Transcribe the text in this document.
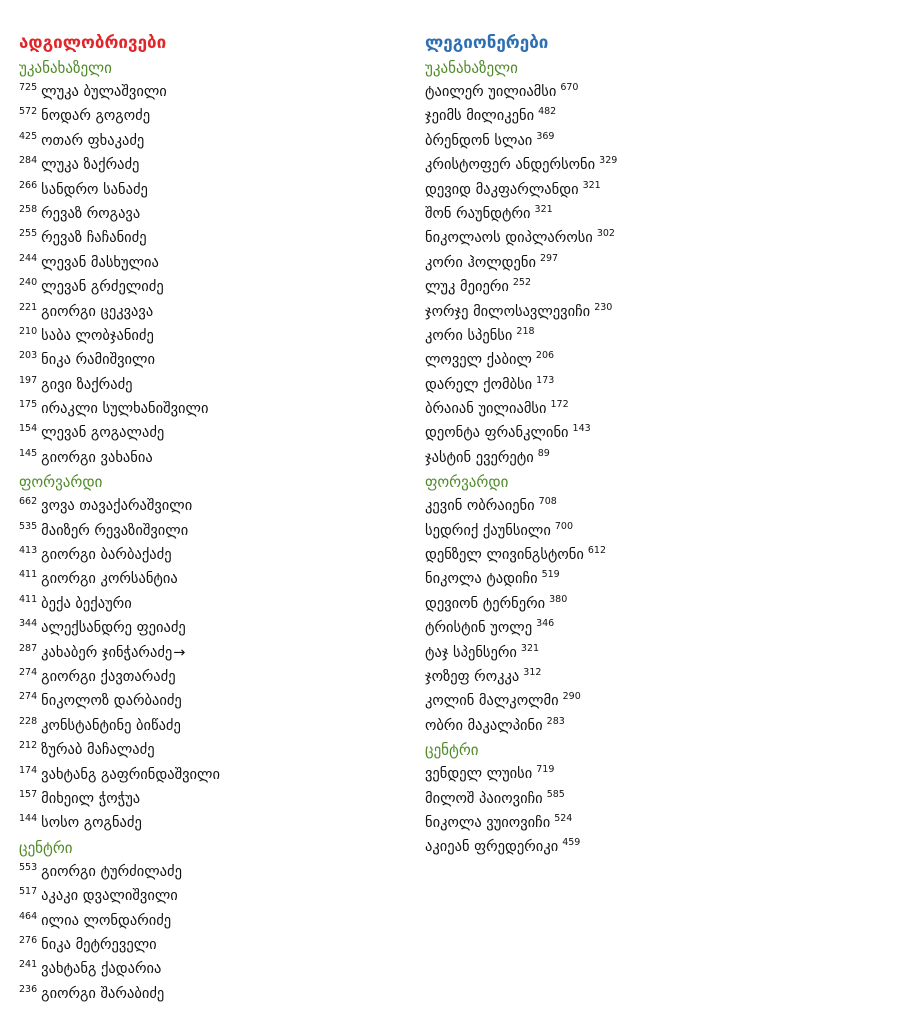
ადგილობრივები
უკანახაზელი
$^{725}$ ლუკა ბულაშვილი
$^{572}$ ნოდარ გოგოძე
$^{425}$ ოთარ ფხაკაძე
$^{284}$ ლუკა ზაქრაძე
$^{266}$ სანდრო სანაძე
$^{258}$ რევაზ როგავა
$^{255}$ რევაზ ჩაჩანიძე
$^{244}$ ლევან მასხულია
$^{240}$ ლევან გრძელიძე
$^{221}$ გიორგი ცეკვავა
$^{210}$ საბა ლობჯანიძე
$^{203}$ ნიკა რამიშვილი
$^{197}$ გივი ზაქრაძე
$^{175}$ ირაკლი სულხანიშვილი
$^{154}$ ლევან გოგალაძე
$^{145}$ გიორგი ვახანია
ფორვარდი
$^{662}$ ვოვა თავაქარაშვილი
$^{535}$ მაიზერ რევაზიშვილი
$^{413}$ გიორგი ბარბაქაძე
$^{411}$ გიორგი კორსანტია
$^{411}$ ბექა ბექაური
$^{344}$ ალექსანდრე ფეიაძე
$^{287}$ კახაბერ ჯინჭარაძე→
$^{274}$ გიორგი ქავთარაძე
$^{274}$ ნიკოლოზ დარბაიძე
$^{228}$ კონსტანტინე ბიწაძე
$^{212}$ ზურაბ მაჩალაძე
$^{174}$ ვახტანგ გაფრინდაშვილი
$^{157}$ მიხეილ ჭოჭუა
$^{144}$ სოსო გოგნაძე
ცენტრი
$^{553}$ გიორგი ტურძილაძე
$^{517}$ აკაკი დვალიშვილი
$^{464}$ ილია ლონდარიძე
$^{276}$ ნიკა მეტრეველი
$^{241}$ ვახტანგ ქადარია
$^{236}$ გიორგი შარაბიძე
ლეგიონერები
უკანახაზელი
ტაილერ უილიამსი $^{670}$
ჯეიმს მილიკენი $^{482}$
ბრენდონ სლაი $^{369}$
კრისტოფერ ანდერსონი $^{329}$
დევიდ მაკფარლანდი $^{321}$
შონ რაუნდტრი $^{321}$
ნიკოლაოს დიპლაროსი $^{302}$
კორი ჰოლდენი $^{297}$
ლუკ მეიერი $^{252}$
ჯორჯე მილოსავლევიჩი $^{230}$
კორი სპენსი $^{218}$
ლოველ ქაბილ $^{206}$
დარელ ქომბსი $^{173}$
ბრაიან უილიამსი $^{172}$
დეონტა ფრანკლინი $^{143}$
ჯასტინ ევერეტი $^{89}$
ფორვარდი
კევინ ობრაიენი $^{708}$
სედრიქ ქაუნსილი $^{700}$
დენზელ ლივინგსტონი $^{612}$
ნიკოლა ტადიჩი $^{519}$
დევიონ ტერნერი $^{380}$
ტრისტინ უოლე $^{346}$
ტაჯ სპენსერი $^{321}$
ჯოზეფ როკკა $^{312}$
კოლინ მალკოლმი $^{290}$
ობრი მაკალპინი $^{283}$
ცენტრი
ვენდელ ლუისი $^{719}$
მილოშ პაიოვიჩი $^{585}$
ნიკოლა ვუიოვიჩი $^{524}$
აკიეან ფრედერიკი $^{459}$
